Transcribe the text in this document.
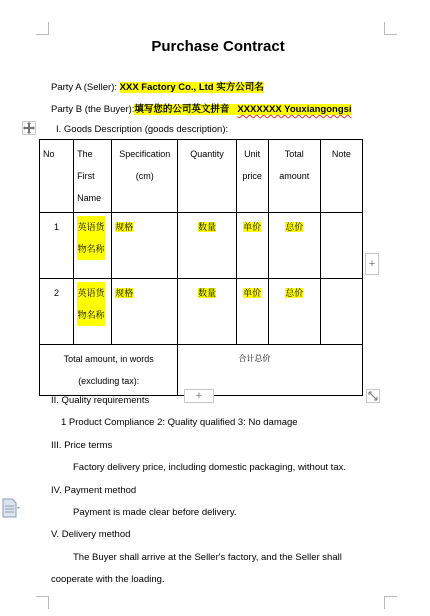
Purchase Contract
Party A (Seller): XXX Factory Co., Ltd 实方公司名
Party B (the Buyer):填写您的公司英文拼音 XXXXXXX Youxiangongsi
I. Goods Description (goods description):
No	The First Name	Specification (cm)	Quantity	Unit price	Total amount	Note
1	英语货物名称	规格	数量	单价	总价	
2	英语货物名称	规格	数量	单价	总价	
Total amount, in words (excluding tax):			合计总价			
+
+
II. Quality requirements
1 Product Compliance 2: Quality qualified 3: No damage
III. Price terms
Factory delivery price, including domestic packaging, without tax.
IV. Payment method
Payment is made clear before delivery.
V. Delivery method
The Buyer shall arrive at the Seller's factory, and the Seller shall
cooperate with the loading.
